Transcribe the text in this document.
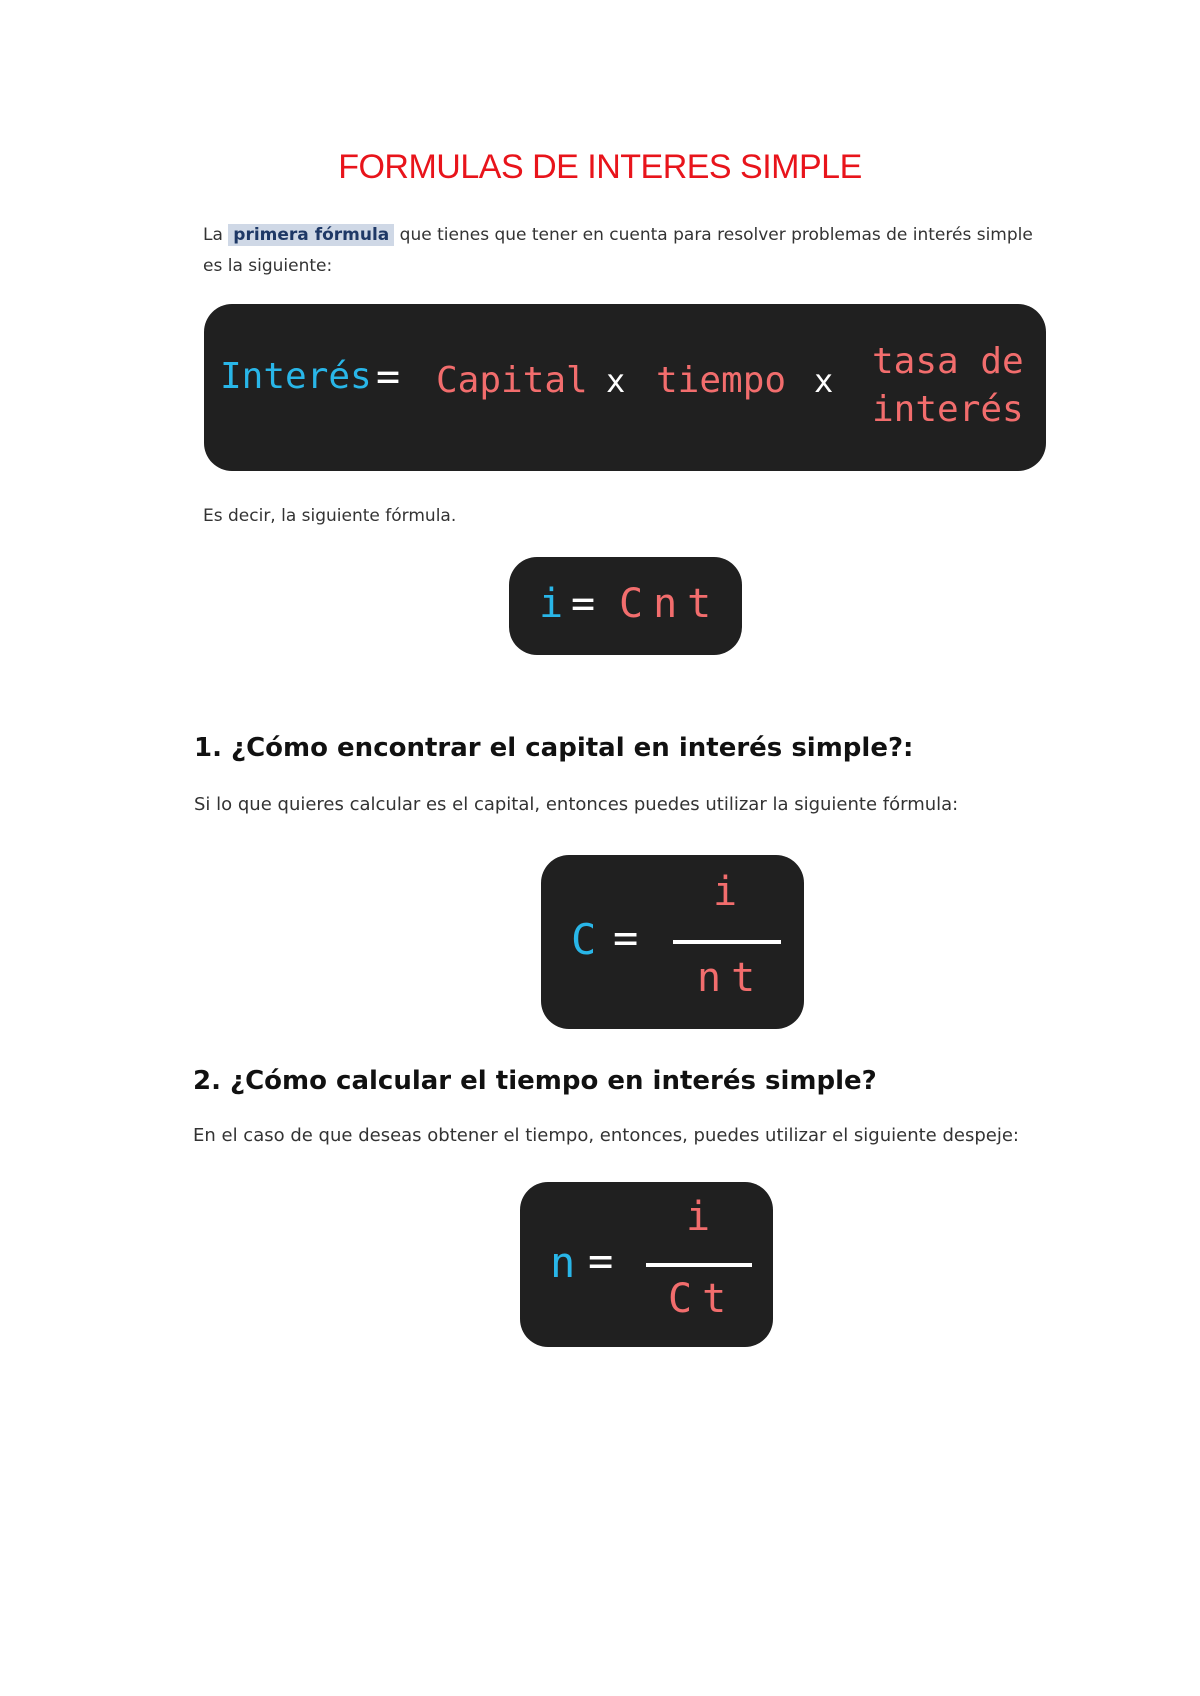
FORMULAS DE INTERES SIMPLE
La primera fórmula que tienes que tener en cuenta para resolver problemas de interés simple es la siguiente:
Interés = Capital x tiempo x tasa de
interés
Es decir, la siguiente fórmula.
i = Cnt
1. ¿Cómo encontrar el capital en interés simple?:
Si lo que quieres calcular es el capital, entonces puedes utilizar la siguiente fórmula:
C =
i
nt
2. ¿Cómo calcular el tiempo en interés simple?
En el caso de que deseas obtener el tiempo, entonces, puedes utilizar el siguiente despeje:
n =
i
Ct
